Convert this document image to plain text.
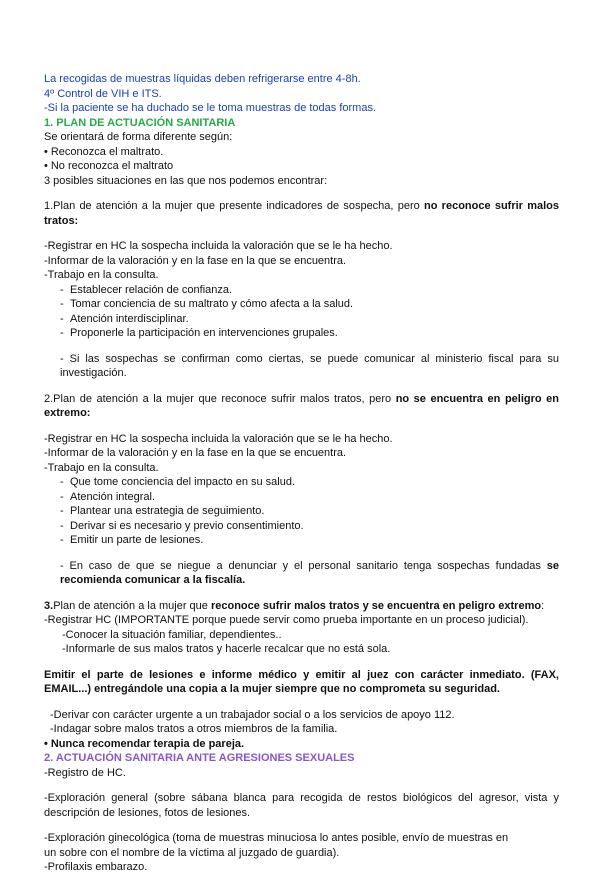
La recogidas de muestras líquidas deben refrigerarse entre 4-8h.

4º Control de VIH e ITS.

-Si la paciente se ha duchado se le toma muestras de todas formas.

1. PLAN DE ACTUACIÓN SANITARIA

Se orientará de forma diferente según:

• Reconozca el maltrato.

• No reconozca el maltrato

3 posibles situaciones en las que nos podemos encontrar:

1.Plan de atención a la mujer que presente indicadores de sospecha, pero no reconoce sufrir malos tratos:

-Registrar en HC la sospecha incluida la valoración que se le ha hecho.

-Informar de la valoración y en la fase en la que se encuentra.

-Trabajo en la consulta.

- Establecer relación de confianza.

- Tomar conciencia de su maltrato y cómo afecta a la salud.

- Atención interdisciplinar.

- Proponerle la participación en intervenciones grupales.

- Si las sospechas se confirman como ciertas, se puede comunicar al ministerio fiscal para su investigación.

2.Plan de atención a la mujer que reconoce sufrir malos tratos, pero no se encuentra en peligro en extremo:

-Registrar en HC la sospecha incluida la valoración que se le ha hecho.

-Informar de la valoración y en la fase en la que se encuentra.

-Trabajo en la consulta.

- Que tome conciencia del impacto en su salud.

- Atención integral.

- Plantear una estrategia de seguimiento.

- Derivar si es necesario y previo consentimiento.

- Emitir un parte de lesiones.

- En caso de que se niegue a denunciar y el personal sanitario tenga sospechas fundadas se recomienda comunicar a la fiscalía.

3.Plan de atención a la mujer que reconoce sufrir malos tratos y se encuentra en peligro extremo:

-Registrar HC (IMPORTANTE porque puede servir como prueba importante en un proceso judicial).

-Conocer la situación familiar, dependientes..

-Informarle de sus malos tratos y hacerle recalcar que no está sola.

Emitir el parte de lesiones e informe médico y emitir al juez con carácter inmediato. (FAX, EMAIL...) entregándole una copia a la mujer siempre que no comprometa su seguridad.

-Derivar con carácter urgente a un trabajador social o a los servicios de apoyo 112.

-Indagar sobre malos tratos a otros miembros de la familia.

• Nunca recomendar terapia de pareja.

2. ACTUACIÓN SANITARIA ANTE AGRESIONES SEXUALES

-Registro de HC.

-Exploración general (sobre sábana blanca para recogida de restos biológicos del agresor, vista y descripción de lesiones, fotos de lesiones.

-Exploración ginecológica (toma de muestras minuciosa lo antes posible, envío de muestras en

un sobre con el nombre de la víctima al juzgado de guardia).

-Profilaxis embarazo.
